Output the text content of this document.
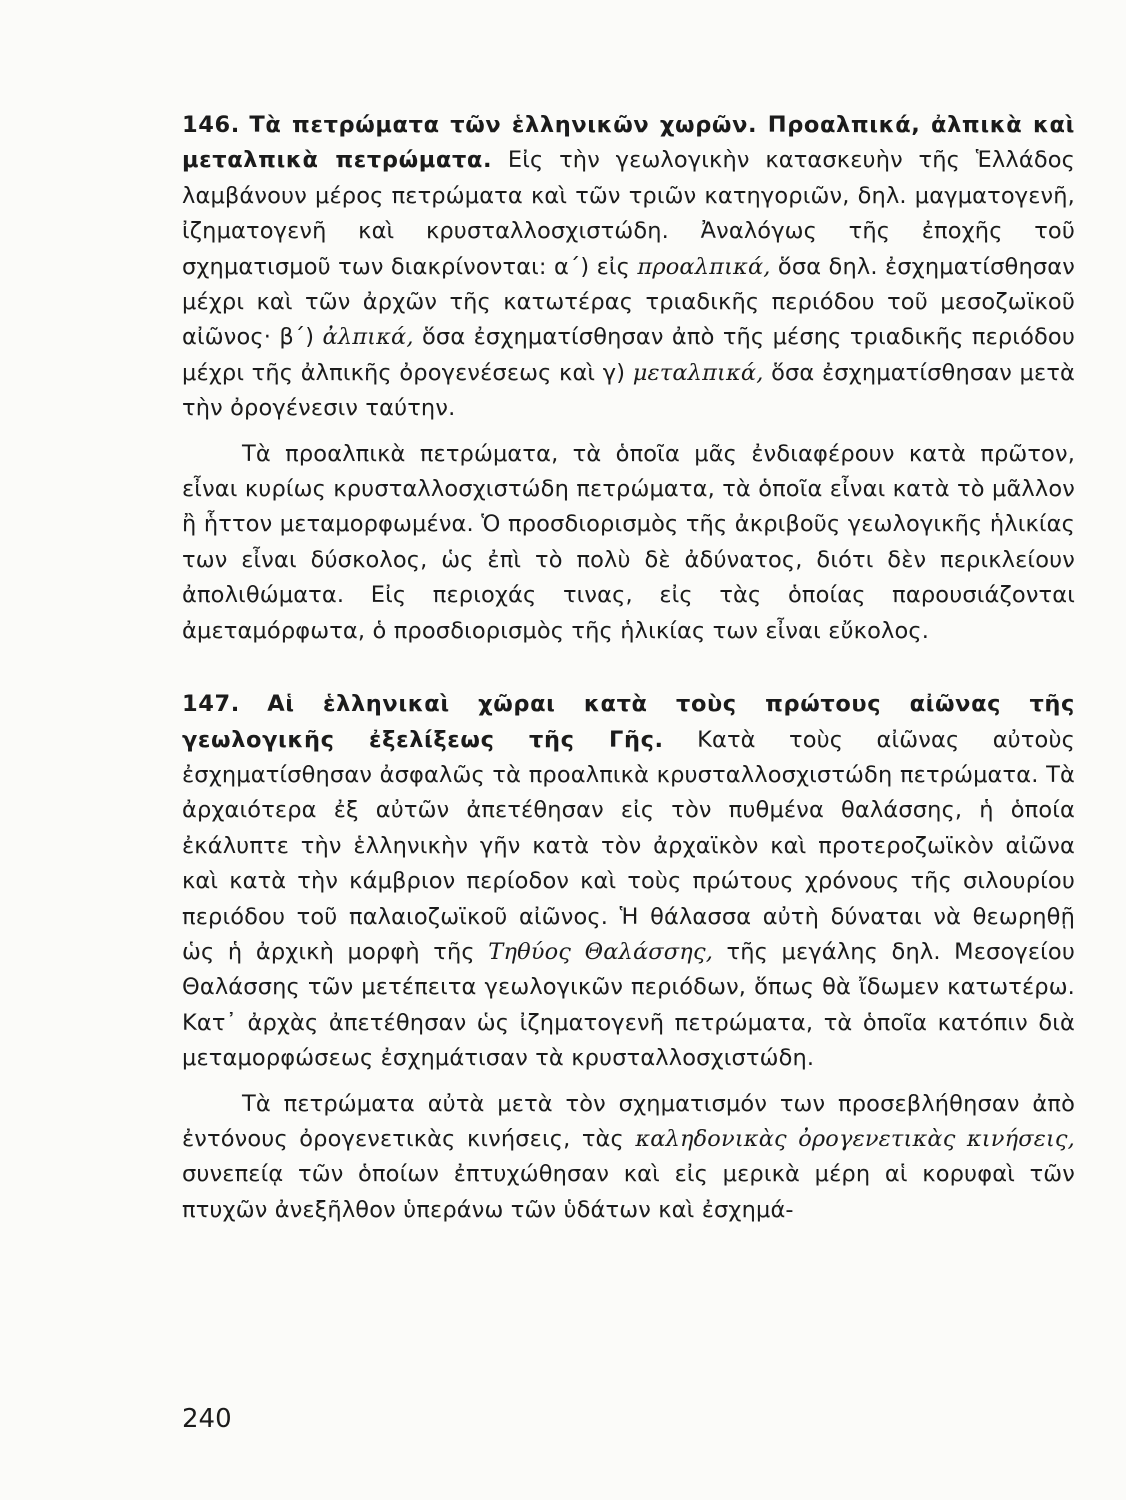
146. Τὰ πετρώματα τῶν ἑλληνικῶν χωρῶν. Προαλπικά, ἀλπικὰ καὶ μεταλπικὰ πετρώματα. Εἰς τὴν γεωλογικὴν κατασκευὴν τῆς Ἑλλάδος λαμβάνουν μέρος πετρώματα καὶ τῶν τριῶν κατηγοριῶν, δηλ. μαγματογενῆ, ἰζηματογενῆ καὶ κρυσταλλοσχιστώδη. Ἀναλόγως τῆς ἐποχῆς τοῦ σχηματισμοῦ των διακρίνονται: α΄) εἰς προαλπικά, ὅσα δηλ. ἐσχηματίσθησαν μέχρι καὶ τῶν ἀρχῶν τῆς κατωτέρας τριαδικῆς περιόδου τοῦ μεσοζωϊκοῦ αἰῶνος· β΄) ἀλπικά, ὅσα ἐσχηματίσθησαν ἀπὸ τῆς μέσης τριαδικῆς περιόδου μέχρι τῆς ἀλπικῆς ὀρογενέσεως καὶ γ) μεταλπικά, ὅσα ἐσχηματίσθησαν μετὰ τὴν ὀρογένεσιν ταύτην.

Τὰ προαλπικὰ πετρώματα, τὰ ὁποῖα μᾶς ἐνδιαφέρουν κατὰ πρῶτον, εἶναι κυρίως κρυσταλλοσχιστώδη πετρώματα, τὰ ὁποῖα εἶναι κατὰ τὸ μᾶλλον ἢ ἧττον μεταμορφωμένα. Ὁ προσδιορισμὸς τῆς ἀκριβοῦς γεωλογικῆς ἡλικίας των εἶναι δύσκολος, ὡς ἐπὶ τὸ πολὺ δὲ ἀδύνατος, διότι δὲν περικλείουν ἀπολιθώματα. Εἰς περιοχάς τινας, εἰς τὰς ὁποίας παρουσιάζονται ἀμεταμόρφωτα, ὁ προσδιορισμὸς τῆς ἡλικίας των εἶναι εὔκολος.

147. Αἱ ἑλληνικαὶ χῶραι κατὰ τοὺς πρώτους αἰῶνας τῆς γεωλογικῆς ἐξελίξεως τῆς Γῆς. Κατὰ τοὺς αἰῶνας αὐτοὺς ἐσχηματίσθησαν ἀσφαλῶς τὰ προαλπικὰ κρυσταλλοσχιστώδη πετρώματα. Τὰ ἀρχαιότερα ἐξ αὐτῶν ἀπετέθησαν εἰς τὸν πυθμένα θαλάσσης, ἡ ὁποία ἐκάλυπτε τὴν ἑλληνικὴν γῆν κατὰ τὸν ἀρχαϊκὸν καὶ προτεροζωϊκὸν αἰῶνα καὶ κατὰ τὴν κάμβριον περίοδον καὶ τοὺς πρώτους χρόνους τῆς σιλουρίου περιόδου τοῦ παλαιοζωϊκοῦ αἰῶνος. Ἡ θάλασσα αὐτὴ δύναται νὰ θεωρηθῇ ὡς ἡ ἀρχικὴ μορφὴ τῆς Τηθύος Θαλάσσης, τῆς μεγάλης δηλ. Μεσογείου Θαλάσσης τῶν μετέπειτα γεωλογικῶν περιόδων, ὅπως θὰ ἴδωμεν κατωτέρω. Κατ᾽ ἀρχὰς ἀπετέθησαν ὡς ἰζηματογενῆ πετρώματα, τὰ ὁποῖα κατόπιν διὰ μεταμορφώσεως ἐσχημάτισαν τὰ κρυσταλλοσχιστώδη.

Τὰ πετρώματα αὐτὰ μετὰ τὸν σχηματισμόν των προσεβλήθησαν ἀπὸ ἐντόνους ὀρογενετικὰς κινήσεις, τὰς καληδονικὰς ὀρογενετικὰς κινήσεις, συνεπείᾳ τῶν ὁποίων ἐπτυχώθησαν καὶ εἰς μερικὰ μέρη αἱ κορυφαὶ τῶν πτυχῶν ἀνεξῆλθον ὑπεράνω τῶν ὑδάτων καὶ ἐσχημά-

240
